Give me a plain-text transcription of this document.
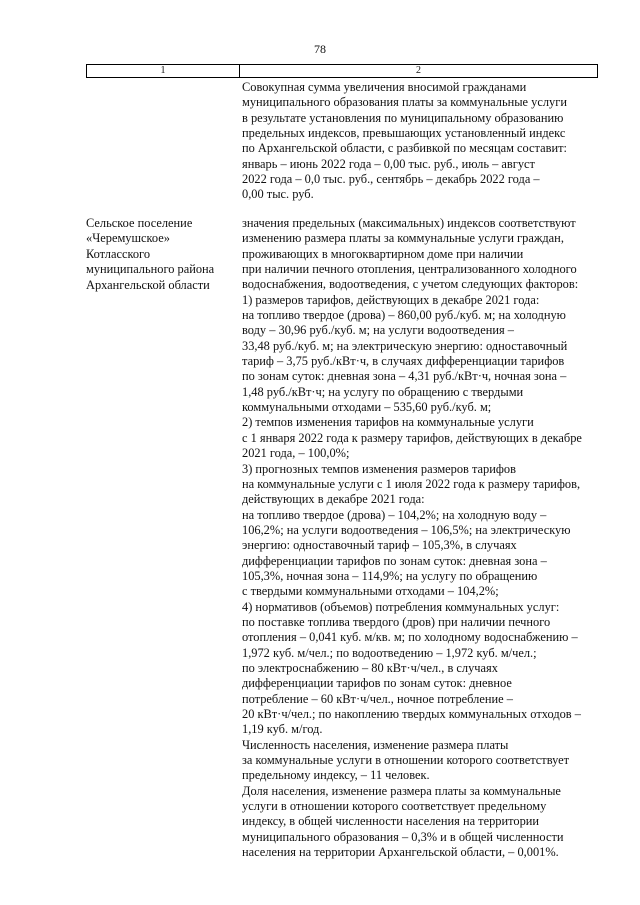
78
1	2
Совокупная сумма увеличения вносимой гражданами
муниципального образования платы за коммунальные услуги
в результате установления по муниципальному образованию
предельных индексов, превышающих установленный индекс
по Архангельской области, с разбивкой по месяцам составит:
январь – июнь 2022 года – 0,00 тыс. руб., июль – август
2022 года – 0,0 тыс. руб., сентябрь – декабрь 2022 года –
0,00 тыс. руб.
Сельское поселение
«Черемушское»
Котласского
муниципального района
Архангельской области
значения предельных (максимальных) индексов соответствуют
изменению размера платы за коммунальные услуги граждан,
проживающих в многоквартирном доме при наличии
при наличии печного отопления, централизованного холодного
водоснабжения, водоотведения, с учетом следующих факторов:
1) размеров тарифов, действующих в декабре 2021 года:
на топливо твердое (дрова) – 860,00 руб./куб. м; на холодную
воду – 30,96 руб./куб. м; на услуги водоотведения –
33,48 руб./куб. м; на электрическую энергию: одноставочный
тариф – 3,75 руб./кВт·ч, в случаях дифференциации тарифов
по зонам суток: дневная зона – 4,31 руб./кВт·ч, ночная зона –
1,48 руб./кВт·ч; на услугу по обращению с твердыми
коммунальными отходами – 535,60 руб./куб. м;
2) темпов изменения тарифов на коммунальные услуги
с 1 января 2022 года к размеру тарифов, действующих в декабре
2021 года, – 100,0%;
3) прогнозных темпов изменения размеров тарифов
на коммунальные услуги с 1 июля 2022 года к размеру тарифов,
действующих в декабре 2021 года:
на топливо твердое (дрова) – 104,2%; на холодную воду –
106,2%; на услуги водоотведения – 106,5%; на электрическую
энергию: одноставочный тариф – 105,3%, в случаях
дифференциации тарифов по зонам суток: дневная зона –
105,3%, ночная зона – 114,9%; на услугу по обращению
с твердыми коммунальными отходами – 104,2%;
4) нормативов (объемов) потребления коммунальных услуг:
по поставке топлива твердого (дров) при наличии печного
отопления – 0,041 куб. м/кв. м; по холодному водоснабжению –
1,972 куб. м/чел.; по водоотведению – 1,972 куб. м/чел.;
по электроснабжению – 80 кВт·ч/чел., в случаях
дифференциации тарифов по зонам суток: дневное
потребление – 60 кВт·ч/чел., ночное потребление –
20 кВт·ч/чел.; по накоплению твердых коммунальных отходов –
1,19 куб. м/год.
Численность населения, изменение размера платы
за коммунальные услуги в отношении которого соответствует
предельному индексу, – 11 человек.
Доля населения, изменение размера платы за коммунальные
услуги в отношении которого соответствует предельному
индексу, в общей численности населения на территории
муниципального образования – 0,3% и в общей численности
населения на территории Архангельской области, – 0,001%.
